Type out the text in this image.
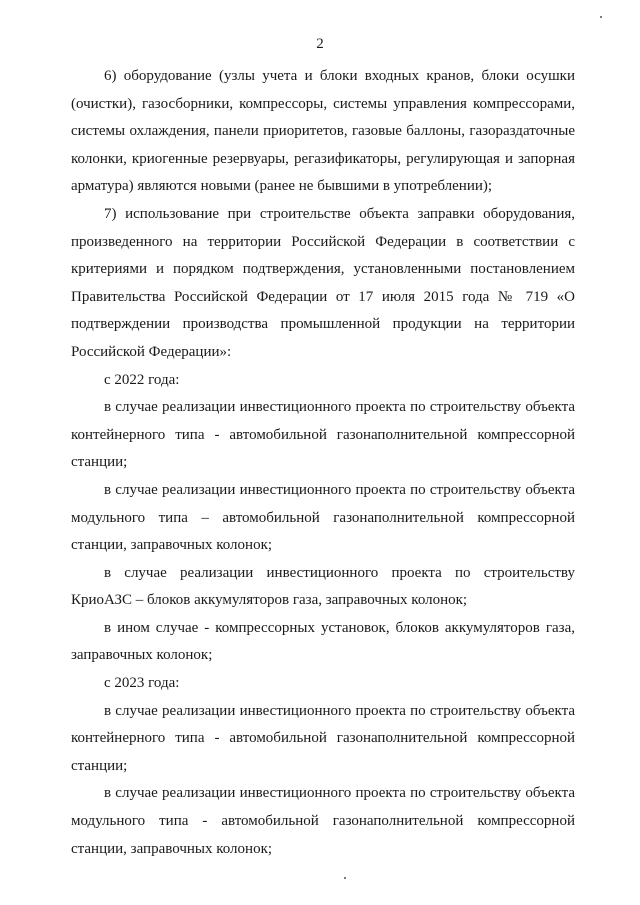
2

6) оборудование (узлы учета и блоки входных кранов, блоки осушки (очистки), газосборники, компрессоры, системы управления компрессорами, системы охлаждения, панели приоритетов, газовые баллоны, газораздаточные колонки, криогенные резервуары, регазификаторы, регулирующая и запорная арматура) являются новыми (ранее не бывшими в употреблении);

7) использование при строительстве объекта заправки оборудования, произведенного на территории Российской Федерации в соответствии с критериями и порядком подтверждения, установленными постановлением Правительства Российской Федерации от 17 июля 2015 года № 719 «О подтверждении производства промышленной продукции на территории Российской Федерации»:

с 2022 года:

в случае реализации инвестиционного проекта по строительству объекта контейнерного типа - автомобильной газонаполнительной компрессорной станции;

в случае реализации инвестиционного проекта по строительству объекта модульного типа – автомобильной газонаполнительной компрессорной станции, заправочных колонок;

в случае реализации инвестиционного проекта по строительству КриоАЗС – блоков аккумуляторов газа, заправочных колонок;

в ином случае - компрессорных установок, блоков аккумуляторов газа, заправочных колонок;

с 2023 года:

в случае реализации инвестиционного проекта по строительству объекта контейнерного типа - автомобильной газонаполнительной компрессорной станции;

в случае реализации инвестиционного проекта по строительству объекта модульного типа - автомобильной газонаполнительной компрессорной станции, заправочных колонок;
